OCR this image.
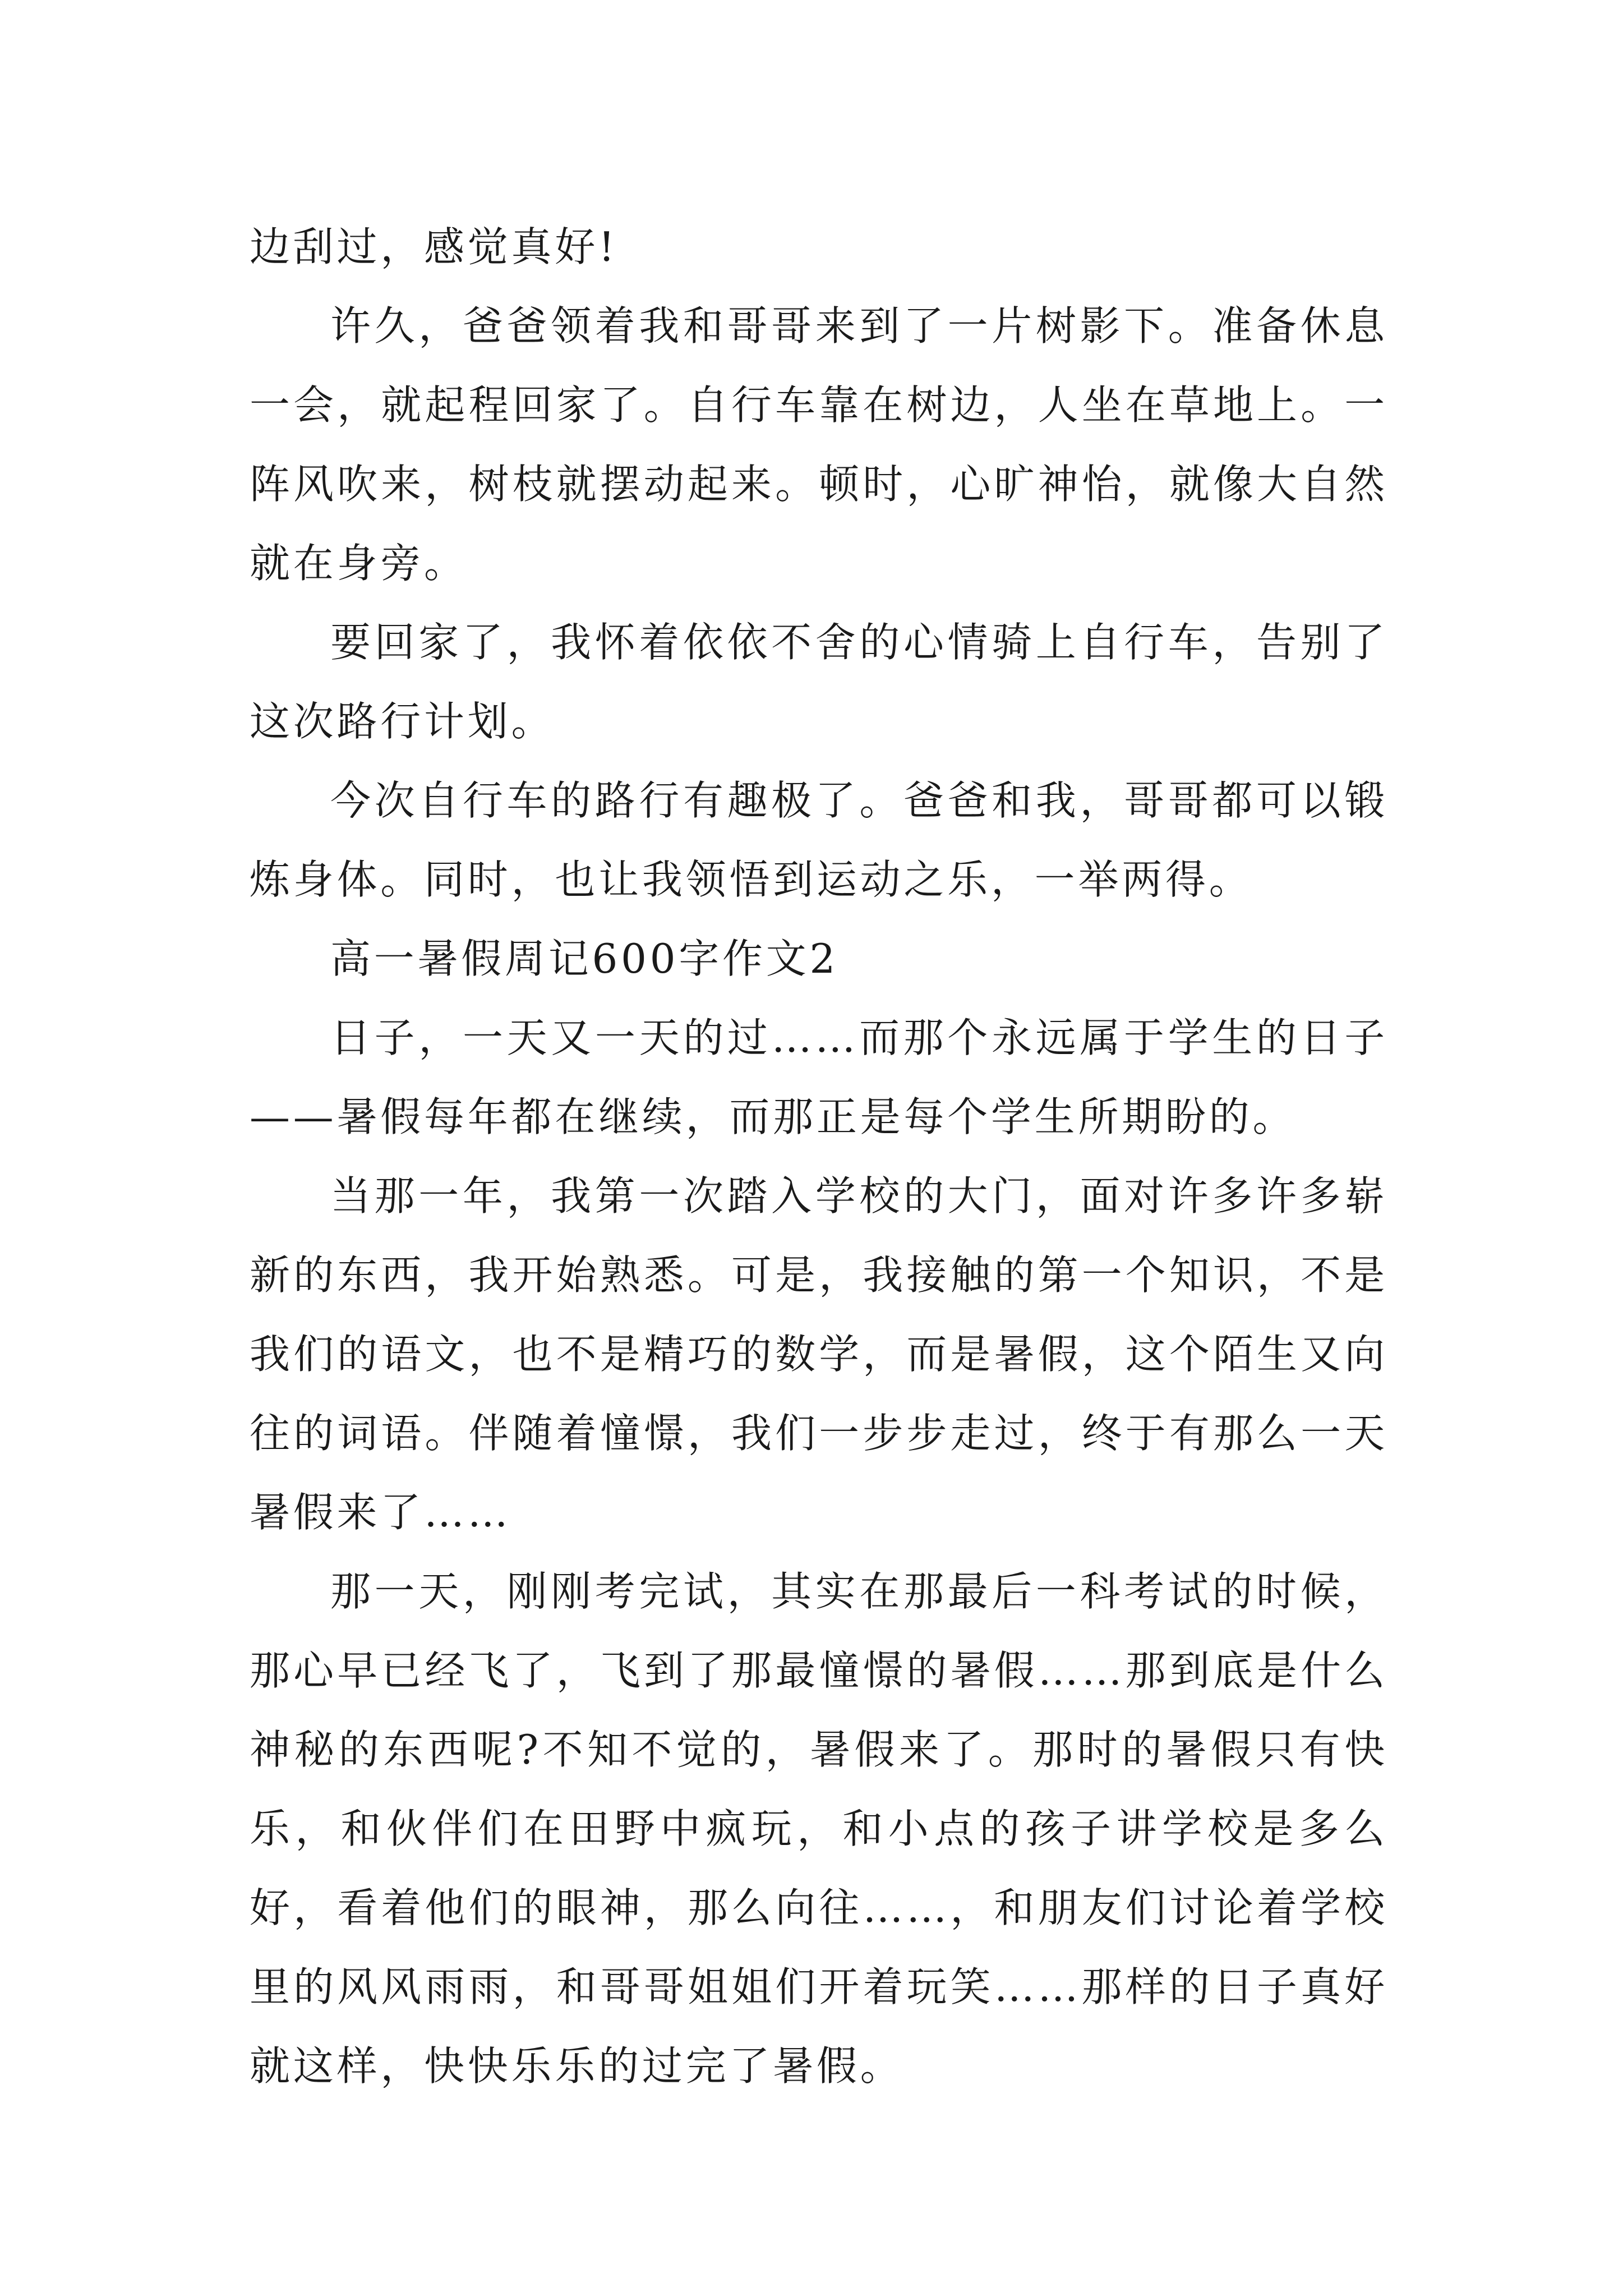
边刮过，感觉真好!

许久，爸爸领着我和哥哥来到了一片树影下。准备休息一会，就起程回家了。自行车靠在树边，人坐在草地上。一阵风吹来，树枝就摆动起来。顿时，心旷神怡，就像大自然就在身旁。

要回家了，我怀着依依不舍的心情骑上自行车，告别了这次路行计划。

今次自行车的路行有趣极了。爸爸和我，哥哥都可以锻炼身体。同时，也让我领悟到运动之乐，一举两得。

高一暑假周记600字作文2

日子，一天又一天的过……而那个永远属于学生的日子——暑假每年都在继续，而那正是每个学生所期盼的。

当那一年，我第一次踏入学校的大门，面对许多许多崭新的东西，我开始熟悉。可是，我接触的第一个知识，不是我们的语文，也不是精巧的数学，而是暑假，这个陌生又向往的词语。伴随着憧憬，我们一步步走过，终于有那么一天暑假来了……

那一天，刚刚考完试，其实在那最后一科考试的时候，那心早已经飞了，飞到了那最憧憬的暑假……那到底是什么神秘的东西呢?不知不觉的，暑假来了。那时的暑假只有快乐，和伙伴们在田野中疯玩，和小点的孩子讲学校是多么好，看着他们的眼神，那么向往……，和朋友们讨论着学校里的风风雨雨，和哥哥姐姐们开着玩笑……那样的日子真好就这样，快快乐乐的过完了暑假。
